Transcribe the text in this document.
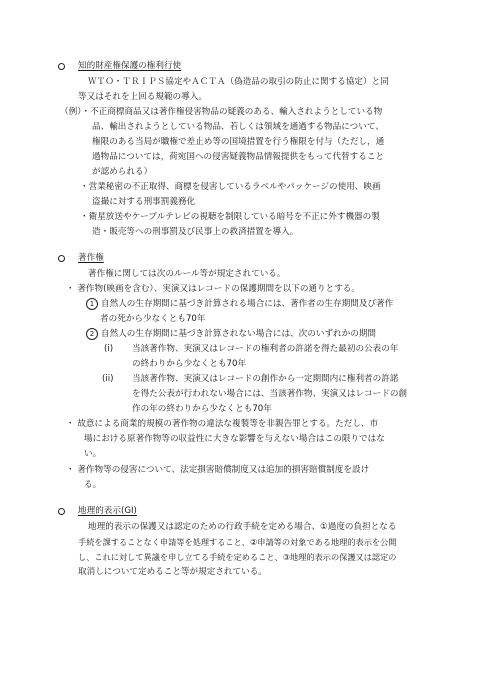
知的財産権保護の権利行使
ＷＴＯ・ＴＲＩＰＳ協定やＡＣＴＡ（偽造品の取引の防止に関する協定）と同
等又はそれを上回る規範の導入。
（例）・不正商標商品又は著作権侵害物品の疑義のある、輸入されようとしている物
品、輸出されようとしている物品、若しくは領域を通過する物品について、
権限のある当局が職権で差止め等の国境措置を行う権限を付与（ただし，通
過物品については，荷宛国への侵害疑義物品情報提供をもって代替すること
が認められる）
・営業秘密の不正取得、商標を侵害しているラベルやパッケージの使用、映画
盗撮に対する刑事罰義務化
・衛星放送やケーブルテレビの視聴を制限している暗号を不正に外す機器の製
造・販売等への刑事罰及び民事上の救済措置を導入。
著作権
著作権に関しては次のルール等が規定されている。
・ 著作物(映画を含む）、実演又はレコードの保護期間を以下の通りとする。
1 自然人の生存期間に基づき計算される場合には、著作者の生存期間及び著作
者の死から少なくとも70年
2 自然人の生存期間に基づき計算されない場合には、次のいずれかの期間
(i) 当該著作物、実演又はレコードの権利者の許諾を得た最初の公表の年
の終わりから少なくとも70年
(ii) 当該著作物、実演又はレコードの創作から一定期間内に権利者の許諾
を得た公表が行われない場合には、当該著作物、実演又はレコードの創
作の年の終わりから少なくとも70年
・ 故意による商業的規模の著作物の違法な複製等を非親告罪とする。ただし、市
場における原著作物等の収益性に大きな影響を与えない場合はこの限りではな
い。
・ 著作物等の侵害について、法定損害賠償制度又は追加的損害賠償制度を設け
る。
地理的表示(GI)
地理的表示の保護又は認定のための行政手続を定める場合、①過度の負担となる
手続を課することなく申請等を処理すること、②申請等の対象である地理的表示を公開
し、これに対して異議を申し立てる手続を定めること、③地理的表示の保護又は認定の
取消しについて定めること等が規定されている。
